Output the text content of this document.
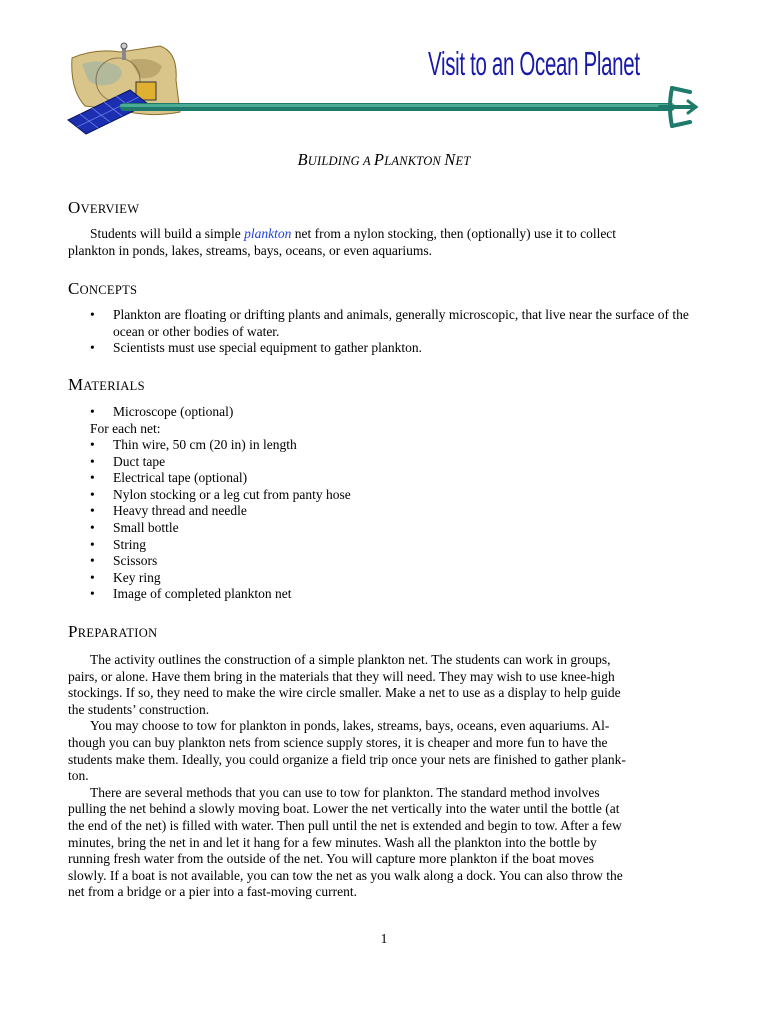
Visit to an Ocean Planet
BUILDING A PLANKTON NET
OVERVIEW
Students will build a simple plankton net from a nylon stocking, then (optionally) use it to collect
plankton in ponds, lakes, streams, bays, oceans, or even aquariums.
CONCEPTS
• Plankton are floating or drifting plants and animals, generally microscopic, that live near the surface of the ocean or other bodies of water.
• Scientists must use special equipment to gather plankton.
MATERIALS
• Microscope (optional)
For each net:
• Thin wire, 50 cm (20 in) in length
• Duct tape
• Electrical tape (optional)
• Nylon stocking or a leg cut from panty hose
• Heavy thread and needle
• Small bottle
• String
• Scissors
• Key ring
• Image of completed plankton net
PREPARATION
The activity outlines the construction of a simple plankton net. The students can work in groups,
pairs, or alone. Have them bring in the materials that they will need. They may wish to use knee-high
stockings. If so, they need to make the wire circle smaller. Make a net to use as a display to help guide
the students’ construction.
You may choose to tow for plankton in ponds, lakes, streams, bays, oceans, even aquariums. Al-
though you can buy plankton nets from science supply stores, it is cheaper and more fun to have the
students make them. Ideally, you could organize a field trip once your nets are finished to gather plank-
ton.
There are several methods that you can use to tow for plankton. The standard method involves
pulling the net behind a slowly moving boat. Lower the net vertically into the water until the bottle (at
the end of the net) is filled with water. Then pull until the net is extended and begin to tow. After a few
minutes, bring the net in and let it hang for a few minutes. Wash all the plankton into the bottle by
running fresh water from the outside of the net. You will capture more plankton if the boat moves
slowly. If a boat is not available, you can tow the net as you walk along a dock. You can also throw the
net from a bridge or a pier into a fast-moving current.
1
